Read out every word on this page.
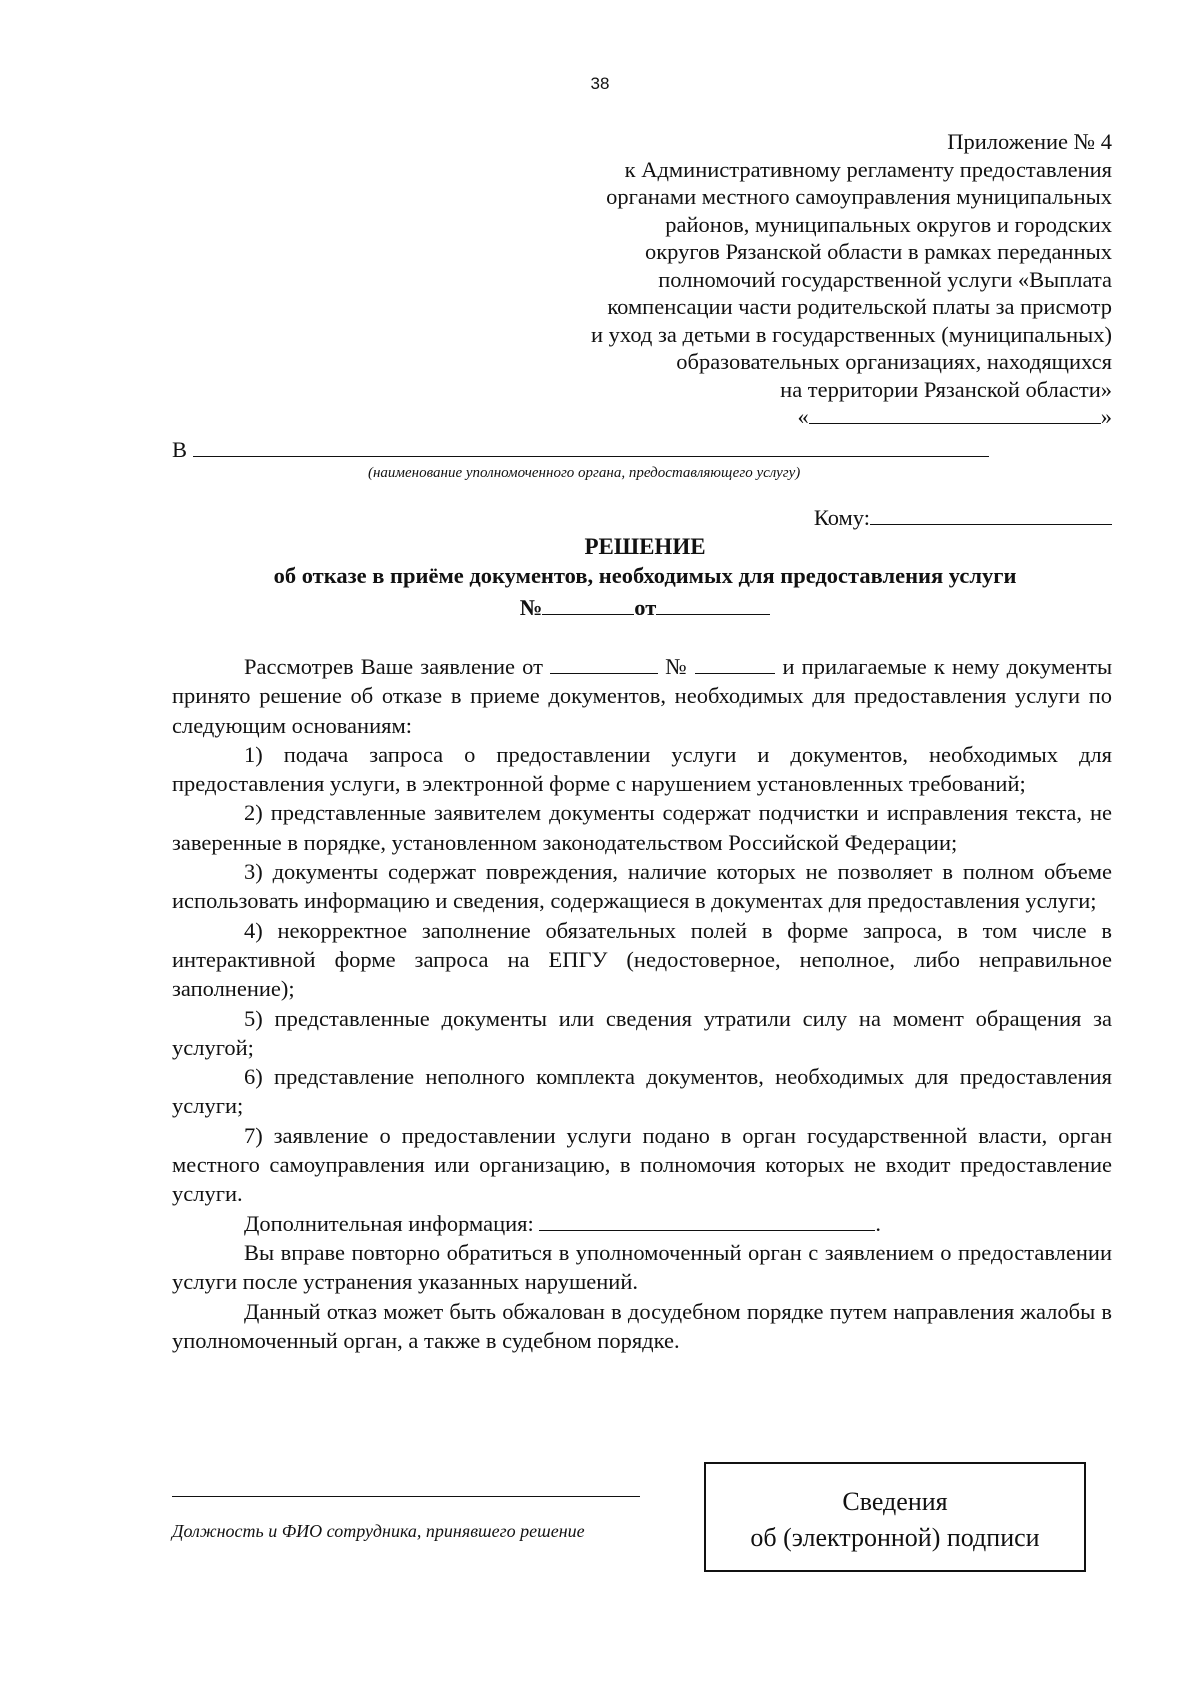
38
Приложение № 4
к Административному регламенту предоставления
органами местного самоуправления муниципальных
районов, муниципальных округов и городских
округов Рязанской области в рамках переданных
полномочий государственной услуги «Выплата
компенсации части родительской платы за присмотр
и уход за детьми в государственных (муниципальных)
образовательных организациях, находящихся
на территории Рязанской области»
«	»
В
(наименование уполномоченного органа, предоставляющего услугу)
Кому:
РЕШЕНИЕ
об отказе в приёме документов, необходимых для предоставления услуги
№	от

Рассмотрев Ваше заявление от	№	и прилагаемые к нему документы принято решение об отказе в приеме документов, необходимых для предоставления услуги по следующим основаниям:

1) подача запроса о предоставлении услуги и документов, необходимых для предоставления услуги, в электронной форме с нарушением установленных требований;

2) представленные заявителем документы содержат подчистки и исправления текста, не заверенные в порядке, установленном законодательством Российской Федерации;

3) документы содержат повреждения, наличие которых не позволяет в полном объеме использовать информацию и сведения, содержащиеся в документах для предоставления услуги;

4) некорректное заполнение обязательных полей в форме запроса, в том числе в интерактивной форме запроса на ЕПГУ (недостоверное, неполное, либо неправильное заполнение);

5) представленные документы или сведения утратили силу на момент обращения за услугой;

6) представление неполного комплекта документов, необходимых для предоставления услуги;

7) заявление о предоставлении услуги подано в орган государственной власти, орган местного самоуправления или организацию, в полномочия которых не входит предоставление услуги.

Дополнительная информация:	.

Вы вправе повторно обратиться в уполномоченный орган с заявлением о предоставлении услуги после устранения указанных нарушений.

Данный отказ может быть обжалован в досудебном порядке путем направления жалобы в уполномоченный орган, а также в судебном порядке.

Должность и ФИО сотрудника, принявшего решение
Сведения
об (электронной) подписи
